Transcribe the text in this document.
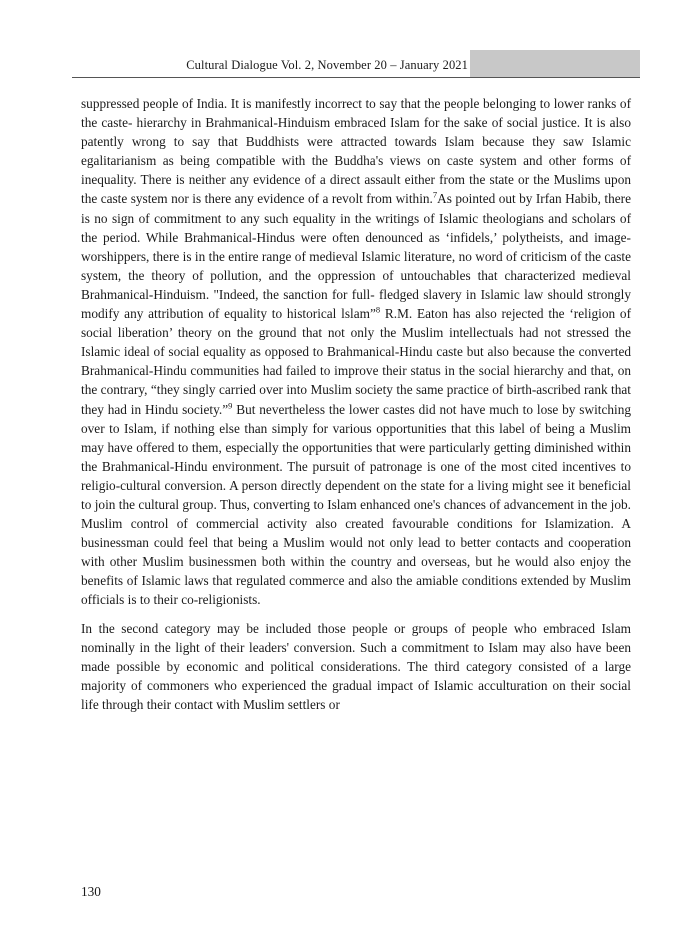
Cultural Dialogue Vol. 2, November 20 – January 2021

suppressed people of India. It is manifestly incorrect to say that the people belonging to lower ranks of the caste- hierarchy in Brahmanical-Hinduism embraced Islam for the sake of social justice. It is also patently wrong to say that Buddhists were attracted towards Islam because they saw Islamic egalitarianism as being compatible with the Buddha's views on caste system and other forms of inequality. There is neither any evidence of a direct assault either from the state or the Muslims upon the caste system nor is there any evidence of a revolt from within.$^7$As pointed out by Irfan Habib, there is no sign of commitment to any such equality in the writings of Islamic theologians and scholars of the period. While Brahmanical-Hindus were often denounced as ‘infidels,’ polytheists, and image-worshippers, there is in the entire range of medieval Islamic literature, no word of criticism of the caste system, the theory of pollution, and the oppression of untouchables that characterized medieval Brahmanical-Hinduism. "Indeed, the sanction for full- fledged slavery in Islamic law should strongly modify any attribution of equality to historical lslam”$^8$ R.M. Eaton has also rejected the ‘religion of social liberation’ theory on the ground that not only the Muslim intellectuals had not stressed the Islamic ideal of social equality as opposed to Brahmanical-Hindu caste but also because the converted Brahmanical-Hindu communities had failed to improve their status in the social hierarchy and that, on the contrary, “they singly carried over into Muslim society the same practice of birth-ascribed rank that they had in Hindu society.”$^9$ But nevertheless the lower castes did not have much to lose by switching over to Islam, if nothing else than simply for various opportunities that this label of being a Muslim may have offered to them, especially the opportunities that were particularly getting diminished within the Brahmanical-Hindu environment. The pursuit of patronage is one of the most cited incentives to religio-cultural conversion. A person directly dependent on the state for a living might see it beneficial to join the cultural group. Thus, converting to Islam enhanced one's chances of advancement in the job. Muslim control of commercial activity also created favourable conditions for Islamization. A businessman could feel that being a Muslim would not only lead to better contacts and cooperation with other Muslim businessmen both within the country and overseas, but he would also enjoy the benefits of Islamic laws that regulated commerce and also the amiable conditions extended by Muslim officials is to their co-religionists.

In the second category may be included those people or groups of people who embraced Islam nominally in the light of their leaders' conversion. Such a commitment to Islam may also have been made possible by economic and political considerations. The third category consisted of a large majority of commoners who experienced the gradual impact of Islamic acculturation on their social life through their contact with Muslim settlers or

130
